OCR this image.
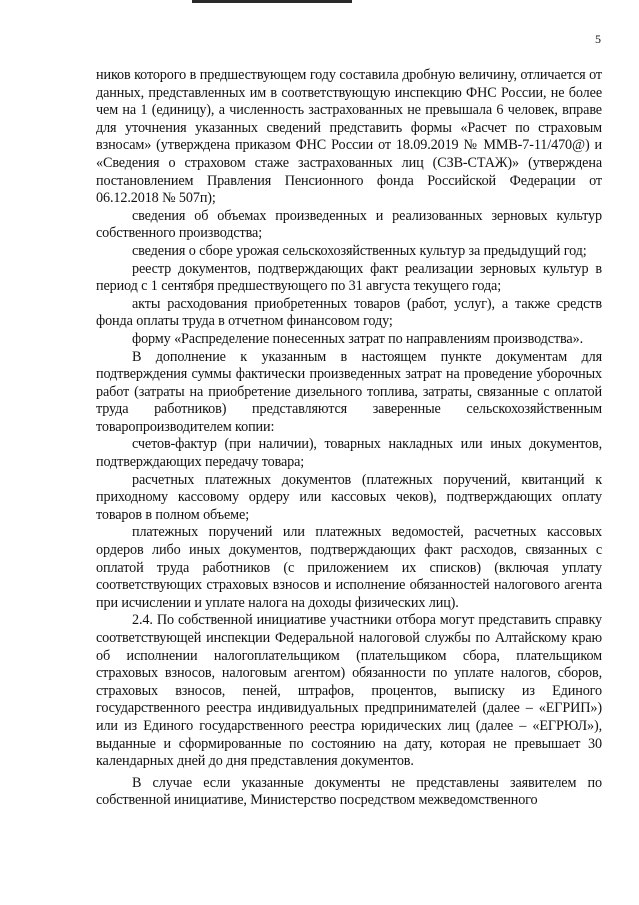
5

ников которого в предшествующем году составила дробную величину, отличается от данных, представленных им в соответствующую инспекцию ФНС России, не более чем на 1 (единицу), а численность застрахованных не превышала 6 человек, вправе для уточнения указанных сведений представить формы «Расчет по страховым взносам» (утверждена приказом ФНС России от 18.09.2019 № ММВ-7-11/470@) и «Сведения о страховом стаже застрахованных лиц (СЗВ-СТАЖ)» (утверждена постановлением Правления Пенсионного фонда Российской Федерации от 06.12.2018 № 507п);

сведения об объемах произведенных и реализованных зерновых культур собственного производства;

сведения о сборе урожая сельскохозяйственных культур за предыдущий год;

реестр документов, подтверждающих факт реализации зерновых культур в период с 1 сентября предшествующего по 31 августа текущего года;

акты расходования приобретенных товаров (работ, услуг), а также средств фонда оплаты труда в отчетном финансовом году;

форму «Распределение понесенных затрат по направлениям производства».

В дополнение к указанным в настоящем пункте документам для подтверждения суммы фактически произведенных затрат на проведение уборочных работ (затраты на приобретение дизельного топлива, затраты, связанные с оплатой труда работников) представляются заверенные сельскохозяйственным товаропроизводителем копии:

счетов-фактур (при наличии), товарных накладных или иных документов, подтверждающих передачу товара;

расчетных платежных документов (платежных поручений, квитанций к приходному кассовому ордеру или кассовых чеков), подтверждающих оплату товаров в полном объеме;

платежных поручений или платежных ведомостей, расчетных кассовых ордеров либо иных документов, подтверждающих факт расходов, связанных с оплатой труда работников (с приложением их списков) (включая уплату соответствующих страховых взносов и исполнение обязанностей налогового агента при исчислении и уплате налога на доходы физических лиц).

2.4. По собственной инициативе участники отбора могут представить справку соответствующей инспекции Федеральной налоговой службы по Алтайскому краю об исполнении налогоплательщиком (плательщиком сбора, плательщиком страховых взносов, налоговым агентом) обязанности по уплате налогов, сборов, страховых взносов, пеней, штрафов, процентов, выписку из Единого государственного реестра индивидуальных предпринимателей (далее – «ЕГРИП») или из Единого государственного реестра юридических лиц (далее – «ЕГРЮЛ»), выданные и сформированные по состоянию на дату, которая не превышает 30 календарных дней до дня представления документов.

В случае если указанные документы не представлены заявителем по собственной инициативе, Министерство посредством межведомственного
